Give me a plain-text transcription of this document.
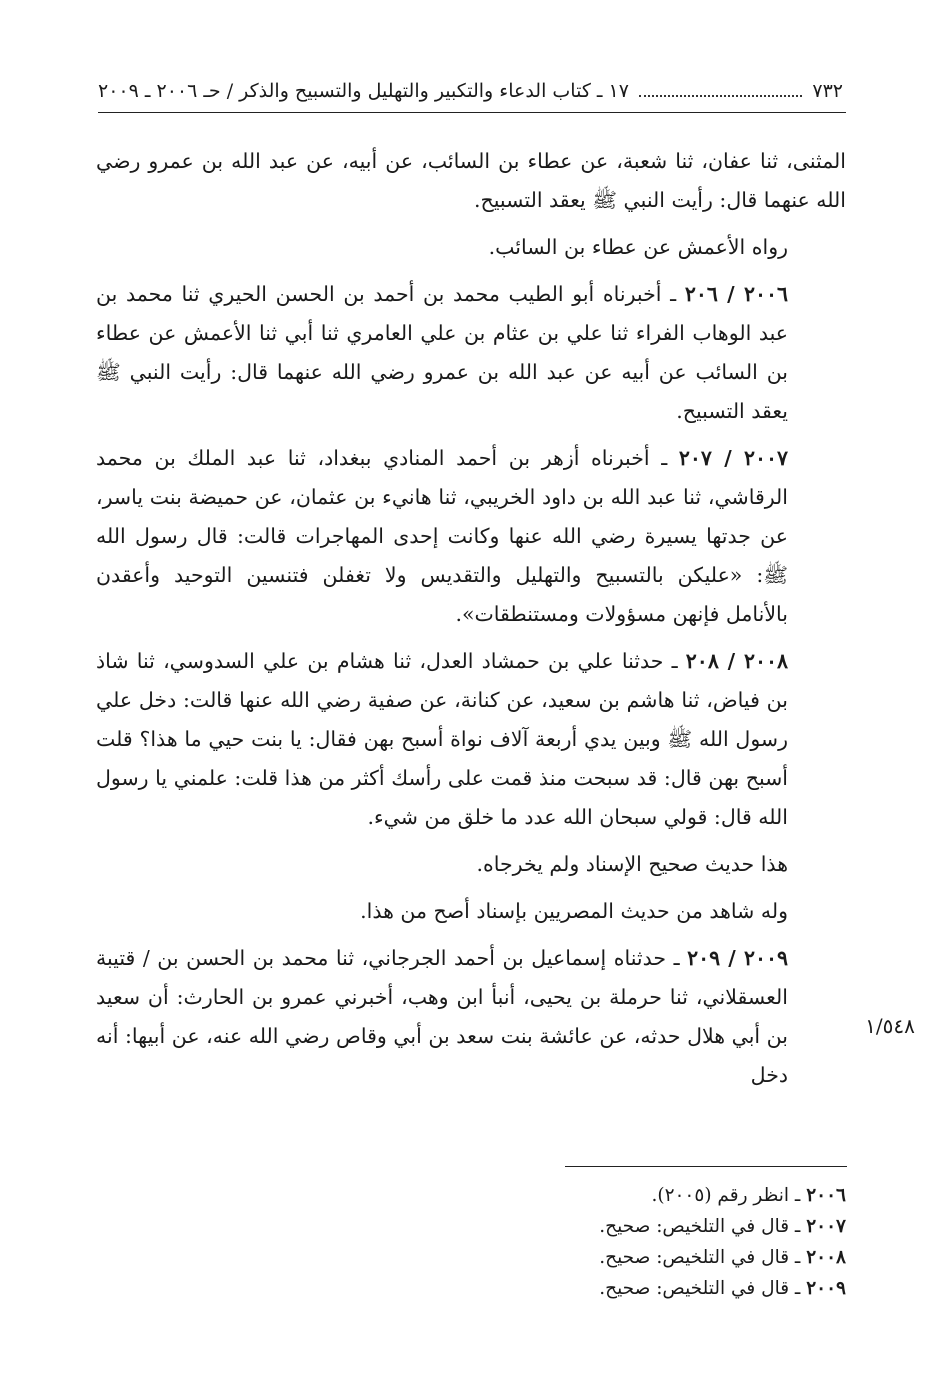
٧٣٢
١٧ ـ كتاب الدعاء والتكبير والتهليل والتسبيح والذكر / حـ ٢٠٠٦ ـ ٢٠٠٩

المثنى، ثنا عفان، ثنا شعبة، عن عطاء بن السائب، عن أبيه، عن عبد الله بن عمرو رضي الله عنهما قال: رأيت النبي ﷺ يعقد التسبيح.

رواه الأعمش عن عطاء بن السائب.

٢٠٠٦ / ٢٠٦ ـ أخبرناه أبو الطيب محمد بن أحمد بن الحسن الحيري ثنا محمد بن عبد الوهاب الفراء ثنا علي بن عثام بن علي العامري ثنا أبي ثنا الأعمش عن عطاء بن السائب عن أبيه عن عبد الله بن عمرو رضي الله عنهما قال: رأيت النبي ﷺ يعقد التسبيح.

٢٠٠٧ / ٢٠٧ ـ أخبرناه أزهر بن أحمد المنادي ببغداد، ثنا عبد الملك بن محمد الرقاشي، ثنا عبد الله بن داود الخريبي، ثنا هانيء بن عثمان، عن حميضة بنت ياسر، عن جدتها يسيرة رضي الله عنها وكانت إحدى المهاجرات قالت: قال رسول الله ﷺ: «عليكن بالتسبيح والتهليل والتقديس ولا تغفلن فتنسين التوحيد وأعقدن بالأنامل فإنهن مسؤولات ومستنطقات».

٢٠٠٨ / ٢٠٨ ـ حدثنا علي بن حمشاد العدل، ثنا هشام بن علي السدوسي، ثنا شاذ بن فياض، ثنا هاشم بن سعيد، عن كنانة، عن صفية رضي الله عنها قالت: دخل علي رسول الله ﷺ وبين يدي أربعة آلاف نواة أسبح بهن فقال: يا بنت حيي ما هذا؟ قلت أسبح بهن قال: قد سبحت منذ قمت على رأسك أكثر من هذا قلت: علمني يا رسول الله قال: قولي سبحان الله عدد ما خلق من شيء.

هذا حديث صحيح الإسناد ولم يخرجاه.

وله شاهد من حديث المصريين بإسناد أصح من هذا.

٢٠٠٩ / ٢٠٩ ـ حدثناه إسماعيل بن أحمد الجرجاني، ثنا محمد بن الحسن بن / قتيبة العسقلاني، ثنا حرملة بن يحيى، أنبأ ابن وهب، أخبرني عمرو بن الحارث: أن سعيد بن أبي هلال حدثه، عن عائشة بنت سعد بن أبي وقاص رضي الله عنه، عن أبيها: أنه دخل

١/٥٤٨

٢٠٠٦ ـ انظر رقم (٢٠٠٥).

٢٠٠٧ ـ قال في التلخيص: صحيح.

٢٠٠٨ ـ قال في التلخيص: صحيح.

٢٠٠٩ ـ قال في التلخيص: صحيح.
